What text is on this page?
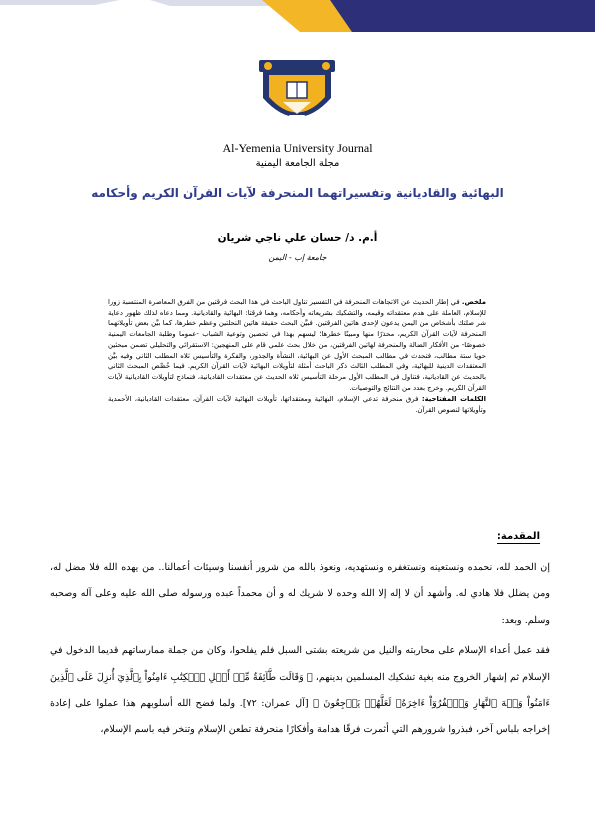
Al-Yemenia University Journal
مجلة الجامعة اليمنية
البهائية والقاديانية وتفسيراتهما المنحرفة لآيات القرآن الكريم وأحكامه
أ.م. د/ حسان علي ناجي شريان
جامعة إب - اليمن

ملخص. في إطار الحديث عن الاتجاهات المنحرفة في التفسير تناول الباحث في هذا البحث فرقتين من الفرق المعاصرة المنتسبة زورا للإسلام، العاملة على هدم معتقداته وقيمه، والتشكيك بشريعاته وأحكامه، وهما فرقتا: البهائية والقاديانية. ومما دعاه لذلك ظهور دعاية شر صلتك بأشخاص من اليمن يدعون لإحدى هاتين الفرقتين. فبيَّن البحث حقيقة هاتين النحلتين وعظم خطرها، كما بيَّن بعض تأويلاتهما المنحرفة لآيات القرآن الكريم، محذرًا منها ومبينًا خطرها؛ ليسهم بهذا في تحصين وتوعية الشباب -عموما وطلبة الجامعات اليمنية خصوصًا- من الأفكار الضالة والمنحرفة لهاتين الفرقتين، من خلال بحث علمي قام على المنهجين: الاستقرائي والتحليلي تضمن مبحثين حويا ستة مطالب، فتحدث في مطالب المبحث الأول عن البهائية، النشأة والجذور، والفكرة والتأسيس ثلاه المطلب الثاني وفيه بيَّن المعتقدات الدينية للبهائية، وفي المطلب الثالث ذكر الباحث أمثلة لتأويلات البهائية لآيات القرآن الكريم. فيما خُصِّص المبحث الثاني بالحديث عن القاديانية، فتناول في المطلب الأول مرحلة التأسيس ثلاه الحديث عن معتقدات القاديانية، فنماذج لتأويلات القاديانية لآيات القرآن الكريم. وخرج بعدد من النتائج والتوصيات.

الكلمات المفتاحية: فرق منحرفة تدعي الإسلام، البهائية ومعتقداتها، تأويلات البهائية لآيات القرآن، معتقدات القاديانية، الأحمدية وتأويلاتها لنصوص القرآن.

المقدمة:

إن الحمد لله، نحمده ونستعينه ونستغفره ونستهديه، ونعوذ بالله من شرور أنفسنا وسيئات أعمالنا.. من يهده الله فلا مضل له، ومن يضلل فلا هادي له. وأشهد أن لا إله إلا الله وحده لا شريك له و أن محمداً عبده ورسوله صلى الله عليه وعلى آله وصحبه وسلم. وبعد:

فقد عمل أعداء الإسلام على محاربته والنيل من شريعته بشتى السبل فلم يفلحوا، وكان من جملة ممارساتهم قديما الدخول في الإسلام ثم إشهار الخروج منه بغية تشكيك المسلمين بدينهم، ﴿ وَقَالَت طَّآئِفَةٌ مِّنۡ أَهۡلِ ٱلۡكِتَٰبِ ءَامِنُواْ بِٱلَّذِيٓ أُنزِلَ عَلَى ٱلَّذِينَ ءَامَنُواْ وَجۡهَ ٱلنَّهَارِ وَٱكۡفُرُوٓاْ ءَاخِرَهُۥ لَعَلَّهُمۡ يَرۡجِعُونَ ﴾ [آل عمران: ٧٢]. ولما فضح الله أسلوبهم هذا عملوا على إعادة إخراجه بلباس آخر، فبذروا شرورهم التي أثمرت فرقًا هدامة وأفكارًا منحرفة تطعن الإسلام وتنخر فيه باسم الإسلام،
